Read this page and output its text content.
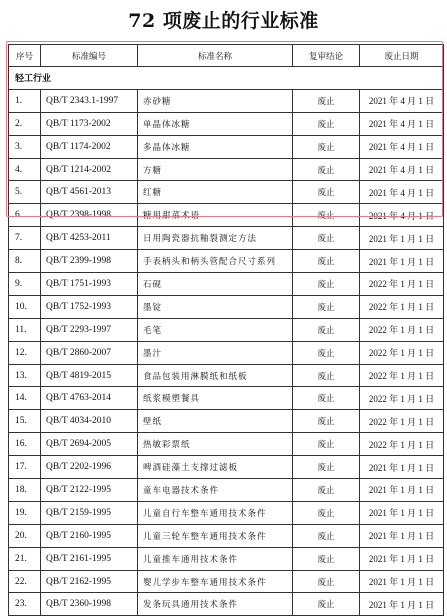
72 项废止的行业标准
序号	标准编号	标准名称	复审结论	废止日期
轻工行业				
1.	QB/T 2343.1-1997	赤砂糖	废止	2021 年 4 月 1 日
2.	QB/T 1173-2002	单晶体冰糖	废止	2021 年 4 月 1 日
3.	QB/T 1174-2002	多晶体冰糖	废止	2021 年 4 月 1 日
4.	QB/T 1214-2002	方糖	废止	2021 年 4 月 1 日
5.	QB/T 4561-2013	红糖	废止	2021 年 4 月 1 日
6.	QB/T 2398-1998	糖用甜菜术语	废止	2021 年 4 月 1 日
7.	QB/T 4253-2011	日用陶瓷器抗釉裂测定方法	废止	2021 年 1 月 1 日
8.	QB/T 2399-1998	手表柄头和柄头管配合尺寸系列	废止	2021 年 1 月 1 日
9.	QB/T 1751-1993	石砚	废止	2022 年 1 月 1 日
10.	QB/T 1752-1993	墨锭	废止	2022 年 1 月 1 日
11.	QB/T 2293-1997	毛笔	废止	2022 年 1 月 1 日
12.	QB/T 2860-2007	墨汁	废止	2022 年 1 月 1 日
13.	QB/T 4819-2015	食品包装用淋膜纸和纸板	废止	2022 年 1 月 1 日
14.	QB/T 4763-2014	纸浆模塑餐具	废止	2022 年 1 月 1 日
15.	QB/T 4034-2010	壁纸	废止	2022 年 1 月 1 日
16.	QB/T 2694-2005	热敏彩票纸	废止	2022 年 1 月 1 日
17.	QB/T 2202-1996	啤酒硅藻土支撑过滤板	废止	2021 年 1 月 1 日
18.	QB/T 2122-1995	童车电器技术条件	废止	2021 年 1 月 1 日
19.	QB/T 2159-1995	儿童自行车整车通用技术条件	废止	2021 年 1 月 1 日
20.	QB/T 2160-1995	儿童三轮车整车通用技术条件	废止	2021 年 1 月 1 日
21.	QB/T 2161-1995	儿童推车通用技术条件	废止	2021 年 1 月 1 日
22.	QB/T 2162-1995	婴儿学步车整车通用技术条件	废止	2021 年 1 月 1 日
23.	QB/T 2360-1998	发条玩具通用技术条件	废止	2021 年 1 月 1 日
